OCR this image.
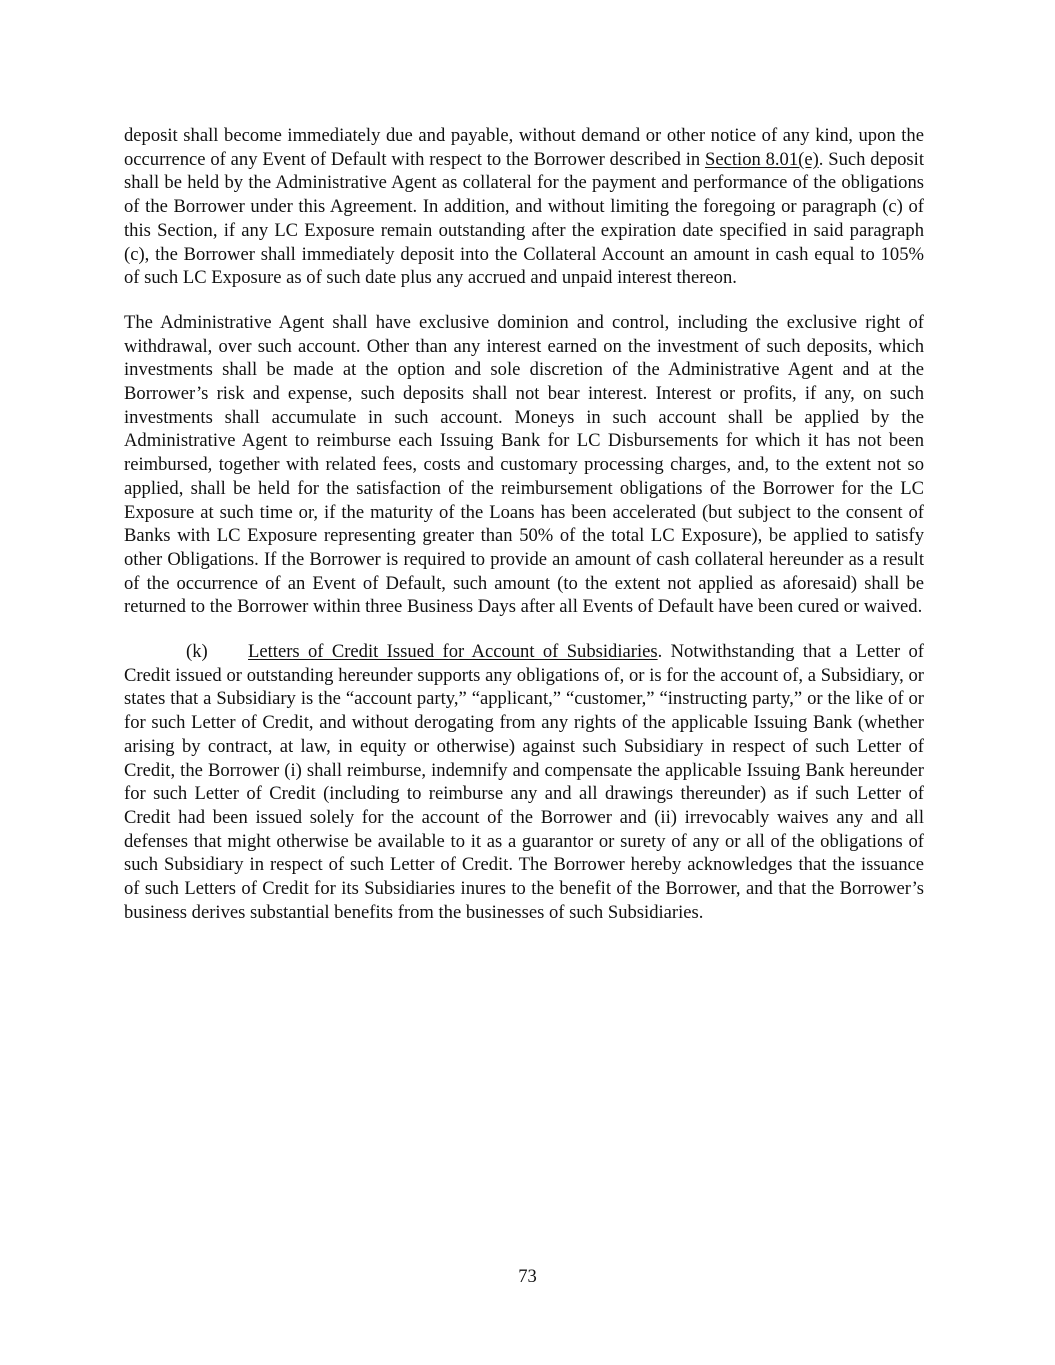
deposit shall become immediately due and payable, without demand or other notice of any kind, upon the occurrence of any Event of Default with respect to the Borrower described in Section 8.01(e). Such deposit shall be held by the Administrative Agent as collateral for the payment and performance of the obligations of the Borrower under this Agreement. In addition, and without limiting the foregoing or paragraph (c) of this Section, if any LC Exposure remain outstanding after the expiration date specified in said paragraph (c), the Borrower shall immediately deposit into the Collateral Account an amount in cash equal to 105% of such LC Exposure as of such date plus any accrued and unpaid interest thereon.

The Administrative Agent shall have exclusive dominion and control, including the exclusive right of withdrawal, over such account. Other than any interest earned on the investment of such deposits, which investments shall be made at the option and sole discretion of the Administrative Agent and at the Borrower’s risk and expense, such deposits shall not bear interest. Interest or profits, if any, on such investments shall accumulate in such account. Moneys in such account shall be applied by the Administrative Agent to reimburse each Issuing Bank for LC Disbursements for which it has not been reimbursed, together with related fees, costs and customary processing charges, and, to the extent not so applied, shall be held for the satisfaction of the reimbursement obligations of the Borrower for the LC Exposure at such time or, if the maturity of the Loans has been accelerated (but subject to the consent of Banks with LC Exposure representing greater than 50% of the total LC Exposure), be applied to satisfy other Obligations. If the Borrower is required to provide an amount of cash collateral hereunder as a result of the occurrence of an Event of Default, such amount (to the extent not applied as aforesaid) shall be returned to the Borrower within three Business Days after all Events of Default have been cured or waived.

(k) Letters of Credit Issued for Account of Subsidiaries. Notwithstanding that a Letter of Credit issued or outstanding hereunder supports any obligations of, or is for the account of, a Subsidiary, or states that a Subsidiary is the “account party,” “applicant,” “customer,” “instructing party,” or the like of or for such Letter of Credit, and without derogating from any rights of the applicable Issuing Bank (whether arising by contract, at law, in equity or otherwise) against such Subsidiary in respect of such Letter of Credit, the Borrower (i) shall reimburse, indemnify and compensate the applicable Issuing Bank hereunder for such Letter of Credit (including to reimburse any and all drawings thereunder) as if such Letter of Credit had been issued solely for the account of the Borrower and (ii) irrevocably waives any and all defenses that might otherwise be available to it as a guarantor or surety of any or all of the obligations of such Subsidiary in respect of such Letter of Credit. The Borrower hereby acknowledges that the issuance of such Letters of Credit for its Subsidiaries inures to the benefit of the Borrower, and that the Borrower’s business derives substantial benefits from the businesses of such Subsidiaries.

73
